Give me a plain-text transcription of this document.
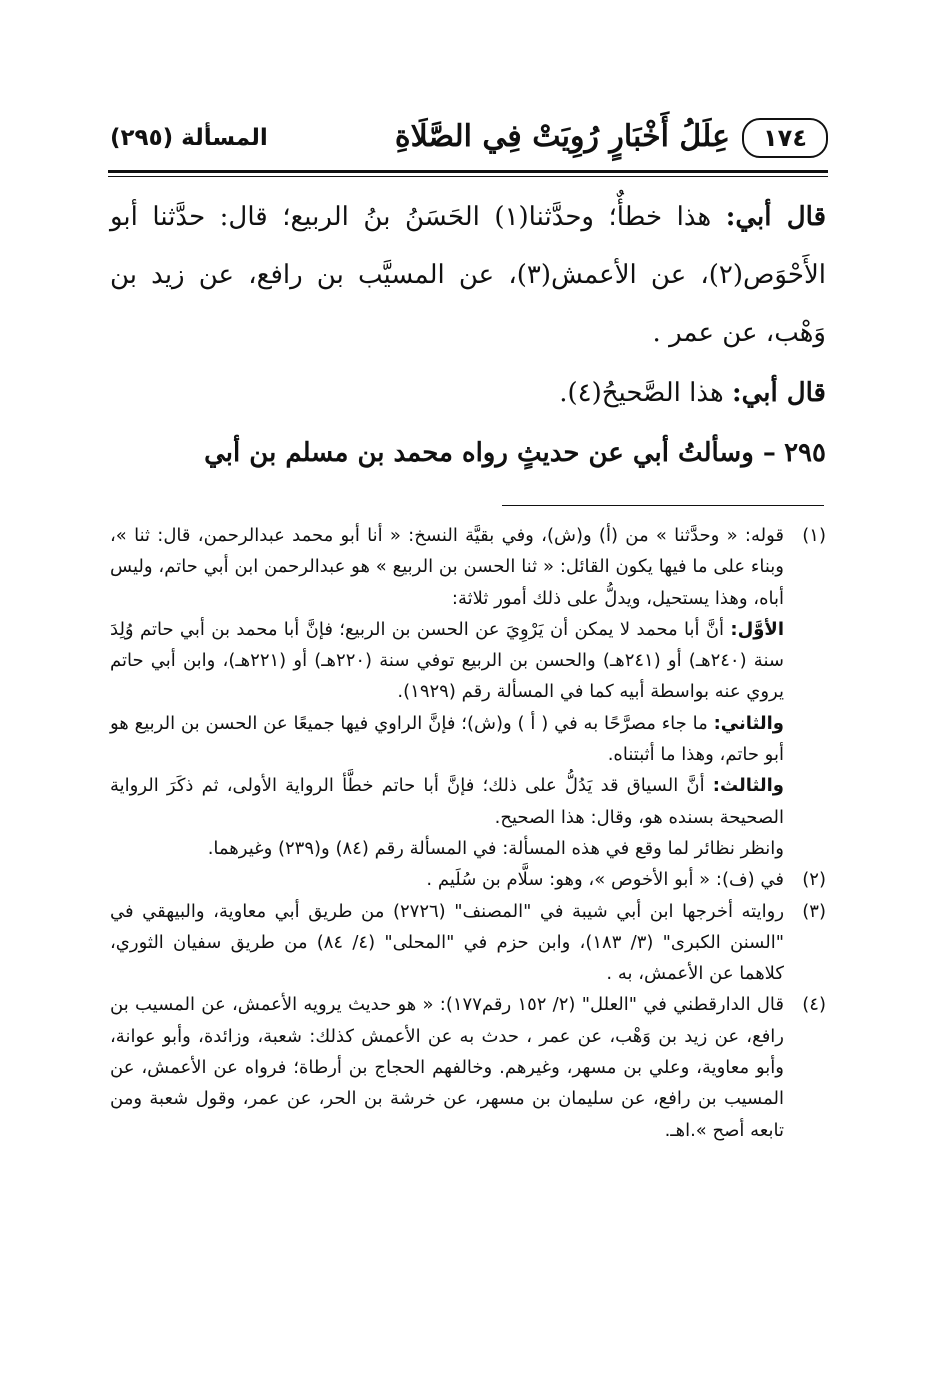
١٧٤
عِلَلُ أَخْبَارٍ رُوِيَتْ فِي الصَّلَاةِ
المسألة (٢٩٥)

قال أبي: هذا خطأٌ؛ وحدَّثنا(١) الحَسَنُ بنُ الربيع؛ قال: حدَّثنا أبو الأَحْوَص(٢)، عن الأعمش(٣)، عن المسيَّب بن رافع، عن زيد بن وَهْب، عن عمر .

قال أبي: هذا الصَّحيحُ(٤).

٢٩٥ – وسألتُ أبي عن حديثٍ رواه محمد بن مسلم بن أبي

(١)

قوله: « وحدَّثنا » من (أ) و(ش)، وفي بقيَّة النسخ: « أنا أبو محمد عبدالرحمن، قال: ثنا »، وبناء على ما فيها يكون القائل: « ثنا الحسن بن الربيع » هو عبدالرحمن ابن أبي حاتم، وليس أباه، وهذا يستحيل، ويدلُّ على ذلك أمور ثلاثة:

الأوَّل: أنَّ أبا محمد لا يمكن أن يَرْوِيَ عن الحسن بن الربيع؛ فإنَّ أبا محمد بن أبي حاتم وُلِدَ سنة (٢٤٠هـ) أو (٢٤١هـ) والحسن بن الربيع توفي سنة (٢٢٠هـ) أو (٢٢١هـ)، وابن أبي حاتم يروي عنه بواسطة أبيه كما في المسألة رقم (١٩٢٩).

والثاني: ما جاء مصرَّحًا به في ( أ ) و(ش)؛ فإنَّ الراوي فيها جميعًا عن الحسن بن الربيع هو أبو حاتم، وهذا ما أثبتناه.

والثالث: أنَّ السياق قد يَدُلُّ على ذلك؛ فإنَّ أبا حاتم خطَّأ الرواية الأولى، ثم ذكَرَ الرواية الصحيحة بسنده هو، وقال: هذا الصحيح.

وانظر نظائر لما وقع في هذه المسألة: في المسألة رقم (٨٤) و(٢٣٩) وغيرهما.

(٢)

في (ف): « أبو الأخوص »، وهو: سلَّام بن سُلَيم .

(٣)

روايته أخرجها ابن أبي شيبة في "المصنف" (٢٧٢٦) من طريق أبي معاوية، والبيهقي في "السنن الكبرى" (٣/ ١٨٣)، وابن حزم في "المحلى" (٤/ ٨٤) من طريق سفيان الثوري، كلاهما عن الأعمش، به .

(٤)

قال الدارقطني في "العلل" (٢/ ١٥٢ رقم١٧٧): « هو حديث يرويه الأعمش، عن المسيب بن رافع، عن زيد بن وَهْب، عن عمر ، حدث به عن الأعمش كذلك: شعبة، وزائدة، وأبو عوانة، وأبو معاوية، وعلي بن مسهر، وغيرهم. وخالفهم الحجاج بن أرطاة؛ فرواه عن الأعمش، عن المسيب بن رافع، عن سليمان بن مسهر، عن خرشة بن الحر، عن عمر، وقول شعبة ومن تابعه أصح ».اهـ.
